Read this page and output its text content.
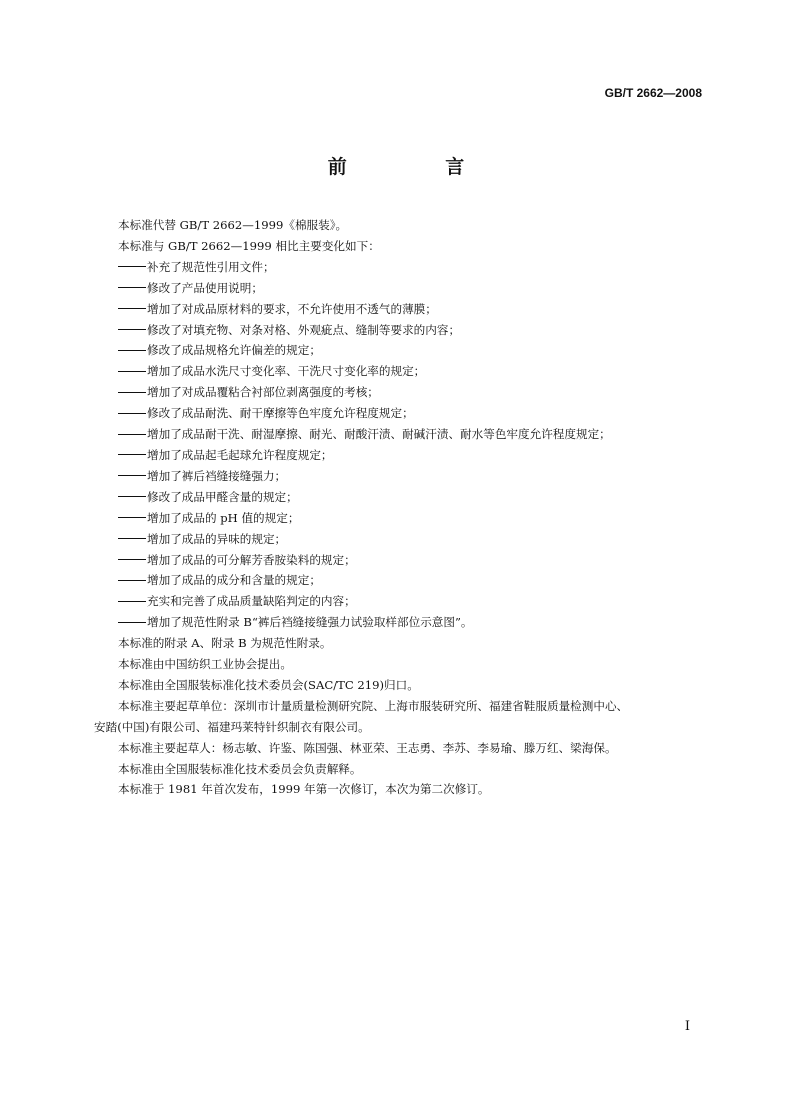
GB/T 2662—2008
前 言
本标准代替 GB/T 2662—1999《棉服装》。
本标准与 GB/T 2662—1999 相比主要变化如下：
补充了规范性引用文件；
修改了产品使用说明；
增加了对成品原材料的要求，不允许使用不透气的薄膜；
修改了对填充物、对条对格、外观疵点、缝制等要求的内容；
修改了成品规格允许偏差的规定；
增加了成品水洗尺寸变化率、干洗尺寸变化率的规定；
增加了对成品覆粘合衬部位剥离强度的考核；
修改了成品耐洗、耐干摩擦等色牢度允许程度规定；
增加了成品耐干洗、耐湿摩擦、耐光、耐酸汗渍、耐碱汗渍、耐水等色牢度允许程度规定；
增加了成品起毛起球允许程度规定；
增加了裤后裆缝接缝强力；
修改了成品甲醛含量的规定；
增加了成品的 pH 值的规定；
增加了成品的异味的规定；
增加了成品的可分解芳香胺染料的规定；
增加了成品的成分和含量的规定；
充实和完善了成品质量缺陷判定的内容；
增加了规范性附录 B“裤后裆缝接缝强力试验取样部位示意图”。
本标准的附录 A、附录 B 为规范性附录。
本标准由中国纺织工业协会提出。
本标准由全国服装标准化技术委员会(SAC/TC 219)归口。
本标准主要起草单位：深圳市计量质量检测研究院、上海市服装研究所、福建省鞋服质量检测中心、
安踏(中国)有限公司、福建玛莱特针织制衣有限公司。
本标准主要起草人：杨志敏、许鉴、陈国强、林亚荣、王志勇、李苏、李易瑜、滕万红、梁海保。
本标准由全国服装标准化技术委员会负责解释。
本标准于 1981 年首次发布，1999 年第一次修订，本次为第二次修订。
I
